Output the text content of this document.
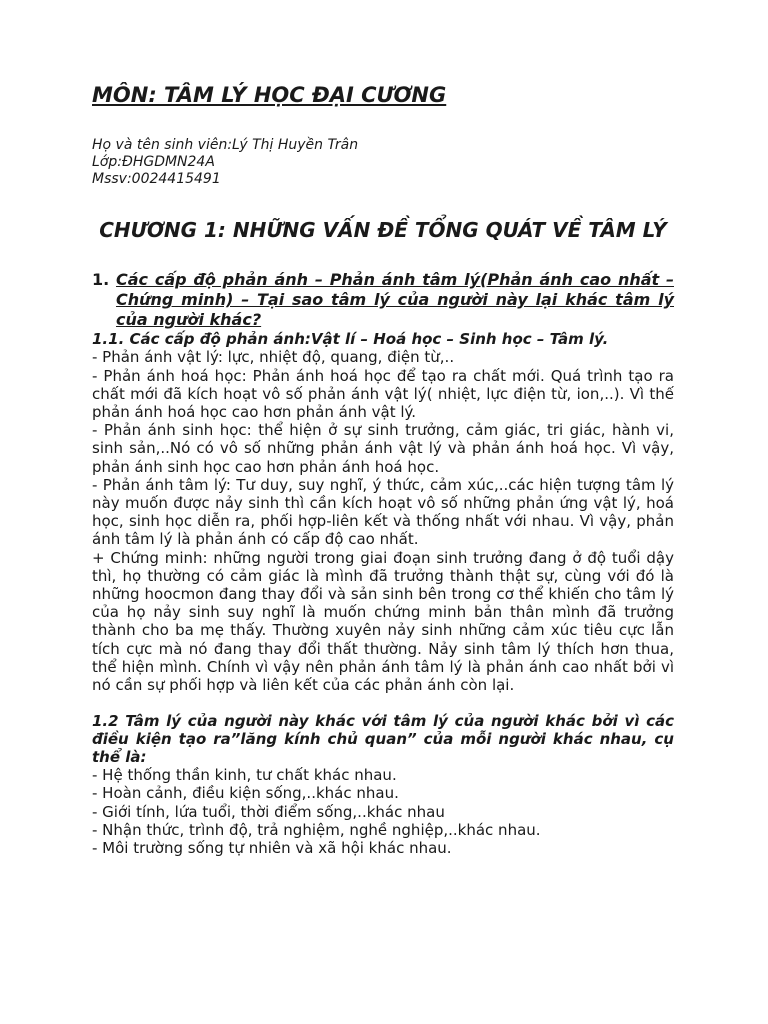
MÔN: TÂM LÝ HỌC ĐẠI CƯƠNG

Họ và tên sinh viên:Lý Thị Huyền Trân

Lớp:ĐHGDMN24A

Mssv:0024415491

CHƯƠNG 1: NHỮNG VẤN ĐỀ TỔNG QUÁT VỀ TÂM LÝ
1. Các cấp độ phản ánh – Phản ánh tâm lý(Phản ánh cao nhất – Chứng minh) – Tại sao tâm lý của người này lại khác tâm lý của người khác?

1.1. Các cấp độ phản ánh:Vật lí – Hoá học – Sinh học – Tâm lý.

- Phản ánh vật lý: lực, nhiệt độ, quang, điện từ,..

- Phản ánh hoá học: Phản ánh hoá học để tạo ra chất mới. Quá trình tạo ra chất mới đã kích hoạt vô số phản ánh vật lý( nhiệt, lực điện từ, ion,..). Vì thế phản ánh hoá học cao hơn phản ánh vật lý.

- Phản ánh sinh học: thể hiện ở sự sinh trưởng, cảm giác, tri giác, hành vi, sinh sản,..Nó có vô số những phản ánh vật lý và phản ánh hoá học. Vì vậy, phản ánh sinh học cao hơn phản ánh hoá học.

- Phản ánh tâm lý: Tư duy, suy nghĩ, ý thức, cảm xúc,..các hiện tượng tâm lý này muốn được nảy sinh thì cần kích hoạt vô số những phản ứng vật lý, hoá học, sinh học diễn ra, phối hợp-liên kết và thống nhất với nhau. Vì vậy, phản ánh tâm lý là phản ánh có cấp độ cao nhất.

+ Chứng minh: những người trong giai đoạn sinh trưởng đang ở độ tuổi dậy thì, họ thường có cảm giác là mình đã trưởng thành thật sự, cùng với đó là những hoocmon đang thay đổi và sản sinh bên trong cơ thể khiến cho tâm lý của họ nảy sinh suy nghĩ là muốn chứng minh bản thân mình đã trưởng thành cho ba mẹ thấy. Thường xuyên nảy sinh những cảm xúc tiêu cực lẫn tích cực mà nó đang thay đổi thất thường. Nảy sinh tâm lý thích hơn thua, thể hiện mình. Chính vì vậy nên phản ánh tâm lý là phản ánh cao nhất bởi vì nó cần sự phối hợp và liên kết của các phản ánh còn lại.

1.2 Tâm lý của người này khác với tâm lý của người khác bởi vì các điều kiện tạo ra”lăng kính chủ quan” của mỗi người khác nhau, cụ thể là:

- Hệ thống thần kinh, tư chất khác nhau.

- Hoàn cảnh, điều kiện sống,..khác nhau.

- Giới tính, lứa tuổi, thời điểm sống,..khác nhau

- Nhận thức, trình độ, trả nghiệm, nghề nghiệp,..khác nhau.

- Môi trường sống tự nhiên và xã hội khác nhau.
